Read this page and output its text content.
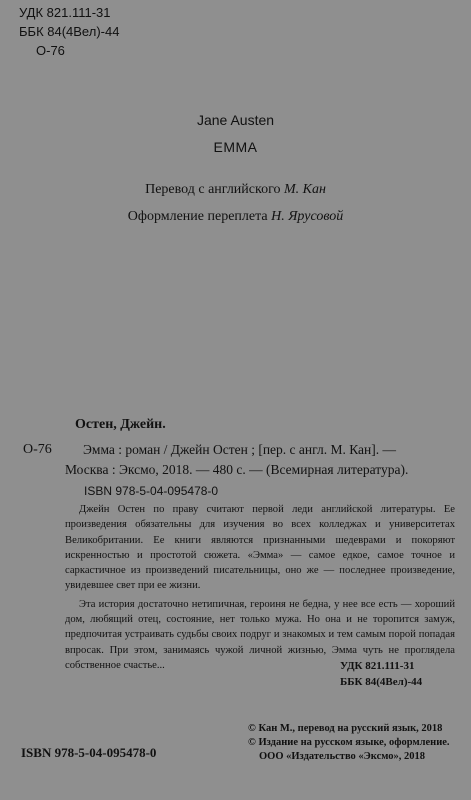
УДК 821.111-31
ББК 84(4Вел)-44
О-76
Jane Austen
EMMA
Перевод с английского М. Кан
Оформление переплета Н. Ярусовой
Остен, Джейн.
О-76 Эмма : роман / Джейн Остен ; [пер. с англ. М. Кан]. —
Москва : Эксмо, 2018. — 480 с. — (Всемирная литература).
ISBN 978-5-04-095478-0

Джейн Остен по праву считают первой леди английской литературы. Ее произведения обязательны для изучения во всех колледжах и университетах Великобритании. Ее книги являются признанными шедеврами и покоряют искренностью и простотой сюжета. «Эмма» — самое едкое, самое точное и саркастичное из произведений писательницы, оно же — последнее произведение, увидевшее свет при ее жизни.

Эта история достаточно нетипичная, героиня не бедна, у нее все есть — хороший дом, любящий отец, состояние, нет только мужа. Но она и не торопится замуж, предпочитая устраивать судьбы своих подруг и знакомых и тем самым порой попадая впросак. При этом, занимаясь чужой личной жизнью, Эмма чуть не проглядела собственное счастье...	УДК 821.111-31
ББК 84(4Вел)-44
ISBN 978-5-04-095478-0
© Кан М., перевод на русский язык, 2018
© Издание на русском языке, оформление.
ООО «Издательство «Эксмо», 2018
